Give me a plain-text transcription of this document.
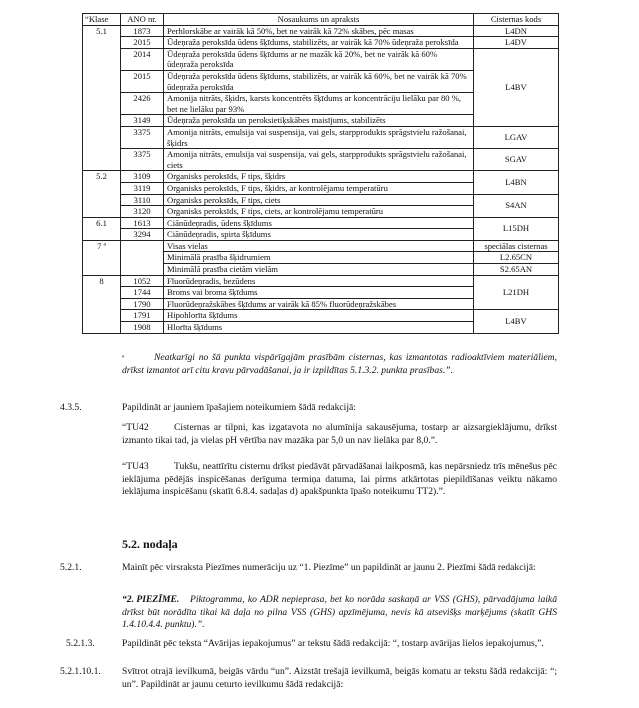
“Klase	ANO nr.	Nosaukums un apraksts	Cisternas kods
5.1	1873	Perhlorskābe ar vairāk kā 50%, bet ne vairāk kā 72% skābes, pēc masas	L4DN
	2015	Ūdeņraža peroksīda ūdens šķīdums, stabilizēts, ar vairāk kā 70% ūdeņraža peroksīda	L4DV
	2014	Ūdeņraža peroksīda ūdens šķīdums ar ne mazāk kā 20%, bet ne vairāk kā 60% ūdeņraža peroksīda	L4BV
	2015	Ūdeņraža peroksīda ūdens šķīdums, stabilizēts, ar vairāk kā 60%, bet ne vairāk kā 70% ūdeņraža peroksīda	
	2426	Amonija nitrāts, šķidrs, karsts koncentrēts šķīdums ar koncentrāciju lielāku par 80 %, bet ne lielāku par 93%	
	3149	Ūdeņraža peroksīda un peroksietiķskābes maisījums, stabilizēts	
	3375	Amonija nitrāts, emulsija vai suspensija, vai gels, starpprodukts sprāgstvielu ražošanai, šķidrs	LGAV
	3375	Amonija nitrāts, emulsija vai suspensija, vai gels, starpprodukts sprāgstvielu ražošanai, ciets	SGAV
5.2	3109	Organisks peroksīds, F tips, šķidrs	L4BN
	3119	Organisks peroksīds, F tips, šķidrs, ar kontrolējamu temperatūru	
	3110	Organisks peroksīds, F tips, ciets	S4AN
	3120	Organisks peroksīds, F tips, ciets, ar kontrolējamu temperatūru	
6.1	1613	Ciānūdeņradis, ūdens šķīdums	L15DH
	3294	Ciānūdeņradis, spirta šķīdums	
7 ª		Visas vielas	speciālas cisternas
		Minimālā prasība šķidrumiem	L2.65CN
		Minimālā prasība cietām vielām	S2.65AN
8	1052	Fluorūdeņradis, bezūdens	L21DH
	1744	Broms vai broma šķīdums	
	1790	Fluorūdeņražskābes šķīdums ar vairāk kā 85% fluorūdeņražskābes	
	1791	Hipohlorīta šķīdums	L4BV
	1908	Hlorīta šķīdums	
$^ª$	Neatkarīgi no šā punkta vispārīgajām prasībām cisternas, kas izmantotas radioaktīviem materiāliem, drīkst izmantot arī citu kravu pārvadāšanai, ja ir izpildītas 5.1.3.2. punkta prasības.”.
4.3.5.	Papildināt ar jauniem īpašajiem noteikumiem šādā redakcijā:
“TU42	Cisternas ar tilpni, kas izgatavota no alumīnija sakausējuma, tostarp ar aizsargieklājumu, drīkst izmanto tikai tad, ja vielas pH vērtība nav mazāka par 5,0 un nav lielāka par 8,0.”.
“TU43	Tukšu, neattīrītu cisternu drīkst piedāvāt pārvadāšanai laikposmā, kas nepārsniedz trīs mēnešus pēc ieklājuma pēdējās inspicēšanas derīguma termiņa datuma, lai pirms atkārtotas piepildīšanas veiktu nākamo ieklājuma inspicēšanu (skatīt 6.8.4. sadaļas d) apakšpunkta īpašo noteikumu TT2).”.
5.2. nodaļa
5.2.1.	Mainīt pēc virsraksta Piezīmes numerāciju uz “1. Piezīme” un papildināt ar jaunu 2. Piezīmi šādā redakcijā:
“2. PIEZĪME. Piktogramma, ko ADR nepieprasa, bet ko norāda saskaņā ar VSS (GHS), pārvadājuma laikā drīkst būt norādīta tikai kā daļa no pilna VSS (GHS) apzīmējuma, nevis kā atsevišķs marķējums (skatīt GHS 1.4.10.4.4. punktu).”.
5.2.1.3.	Papildināt pēc teksta “Avārijas iepakojumus” ar tekstu šādā redakcijā: “, tostarp avārijas lielos iepakojumus,”.
5.2.1.10.1. Svītrot otrajā ievilkumā, beigās vārdu “un”. Aizstāt trešajā ievilkumā, beigās komatu ar tekstu šādā redakcijā: “; un”. Papildināt ar jaunu ceturto ievilkumu šādā redakcijā:
